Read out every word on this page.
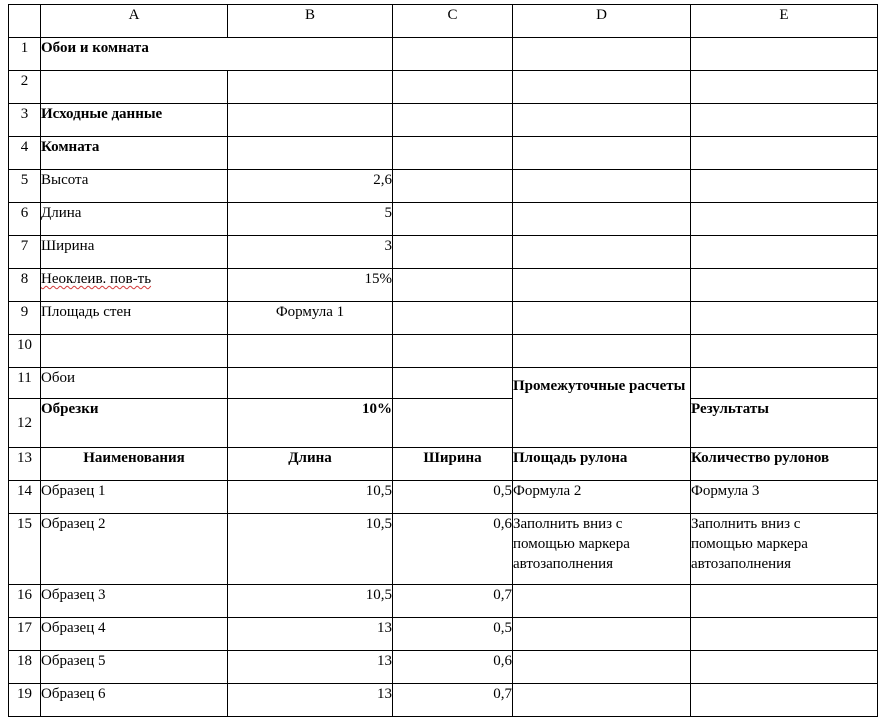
	A	B	C	D	E
1	Обои и комната				
2					
3	Исходные данные				
4	Комната				
5	Высота	2,6			
6	Длина	5			
7	Ширина	3			
8	Неоклеив. пов-ть	15%			
9	Площадь стен	Формула 1			
10					
11	Обои			Промежуточные расчеты	
12	Обрезки	10%			Результаты
13	Наименования	Длина	Ширина	Площадь рулона	Количество рулонов
14	Образец 1	10,5	0,5	Формула 2	Формула 3
15	Образец 2	10,5	0,6	Заполнить вниз с помощью маркера автозаполнения	Заполнить вниз с помощью маркера автозаполнения
16	Образец 3	10,5	0,7		
17	Образец 4	13	0,5		
18	Образец 5	13	0,6		
19	Образец 6	13	0,7		
